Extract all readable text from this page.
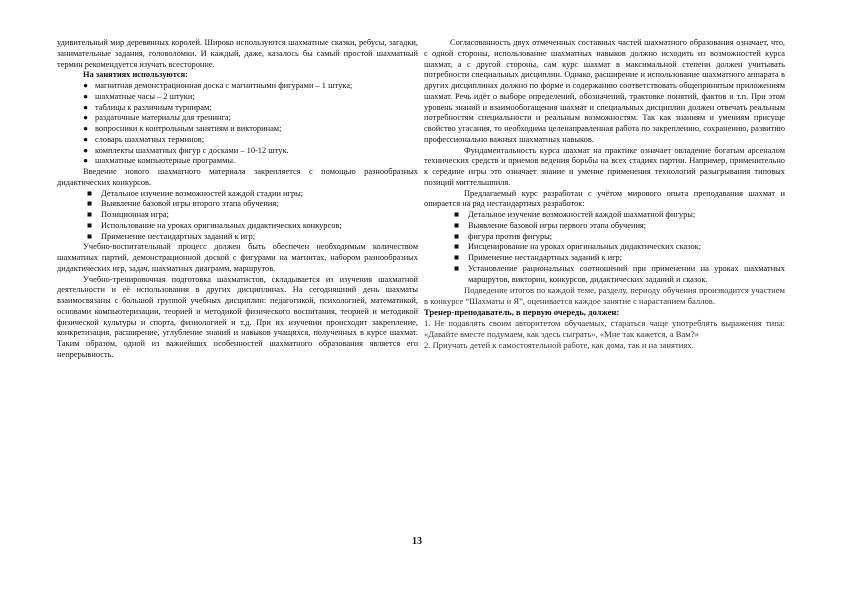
удивительный мир деревянных королей. Широко используются шахматные сказки, ребусы, загадки, занимательные задания, головоломки. И каждый, даже, казалось бы самый простой шахматный термин рекомендуется изучать всесторонне.

На занятиях используются:

● магнитная демонстрационная доска с магнитными фигурами – 1 штука;
● шахматные часы – 2 штуки;
● таблицы к различным турнирам;
● раздаточные материалы для тренинга;
● вопросники к контрольным занятиям и викторинам;
● словарь шахматных терминов;
● комплекты шахматных фигур с досками – 10-12 штук.
● шахматные компьютерные программы.

Введение нового шахматного материала закрепляется с помощью разнообразных дидактических конкурсов.

■ Детальное изучение возможностей каждой стадии игры;
■ Выявление базовой игры второго этапа обучения;
■ Позиционная игра;
■ Использование на уроках оригинальных дидактических конкурсов;
■ Применение нестандартных заданий к игр;

Учебно-воспитательный процесс должен быть обеспечен необходимым количеством шахматных партий, демонстрационной доской с фигурами на магнитах, набором разнообразных дидактических игр, задач, шахматных диаграмм, маршрутов.

Учебно-тренировочная подготовка шахматистов, складывается из изучения шахматной деятельности и её использования в других дисциплинах. На сегодняшний день шахматы взаимосвязаны с большой группой учебных дисциплин: педагогикой, психологией, математикой, основами компьютеризации, теорией и методикой физического воспитания, теорией и методикой физической культуры и спорта, физиологией и т.д. При их изучении происходит закрепление, конкретизация, расширение, углубление знаний и навыков учащихся, полученных в курсе шахмат. Таким образом, одной из важнейших особенностей шахматного образования является его непрерывность.

Согласованность двух отмеченных составных частей шахматного образования означает, что, с одной стороны, использование шахматных навыков должно исходить из возможностей курса шахмат, а с другой стороны, сам курс шахмат в максимальной степени должен учитывать потребности специальных дисциплин. Однако, расширение и использование шахматного аппарата в других дисциплинах должно по форме и содержанию соответствовать общепринятым приложениям шахмат. Речь идёт о выборе определений, обозначений, трактовке понятий, фактов и т.п. При этом уровень знаний и взаимообогащения шахмат и специальных дисциплин должен отвечать реальным потребностям специальности и реальным возможностям. Так как знаниям и умениям присуще свойство угасания, то необходима целенаправленная работа по закреплению, сохранению, развитию профессионально важных шахматных навыков.

Фундаментальность курса шахмат на практике означает овладение богатым арсеналом технических средств и приемов ведения борьбы на всех стадиях партии. Например, применительно к середине игры это означает знание и умение применения технологий разыгрывания типовых позиций миттельшпиля.

Предлагаемый курс разработан с учётом мирового опыта преподавания шахмат и опирается на ряд нестандартных разработок:

■ Детальное изучение возможностей каждой шахматной фигуры;
■ Выявление базовой игры первого этапа обучения;
■ фигура против фигуры;
■ Инсценирование на уроках оригинальных дидактических сказок;
■ Применение нестандартных заданий к игр;
■ Установление рациональных соотношений при применении на уроках шахматных маршрутов, викторин, конкурсов, дидактических заданий и сказок.

Подведение итогов по каждой теме, разделу, периоду обучения производится участием в конкурсе “Шахматы и Я”, оценивается каждое занятие с нарастанием баллов.

Тренер-преподаватель, в первую очередь, должен:

1. Не подавлять своим авторитетом обучаемых, стараться чаще употреблять выражения типа: «Давайте вместе подумаем, как здесь сыграть», «Мне так кажется, а Вам?»

2. Приучать детей к самостоятельной работе, как дома, так и на занятиях.

13
